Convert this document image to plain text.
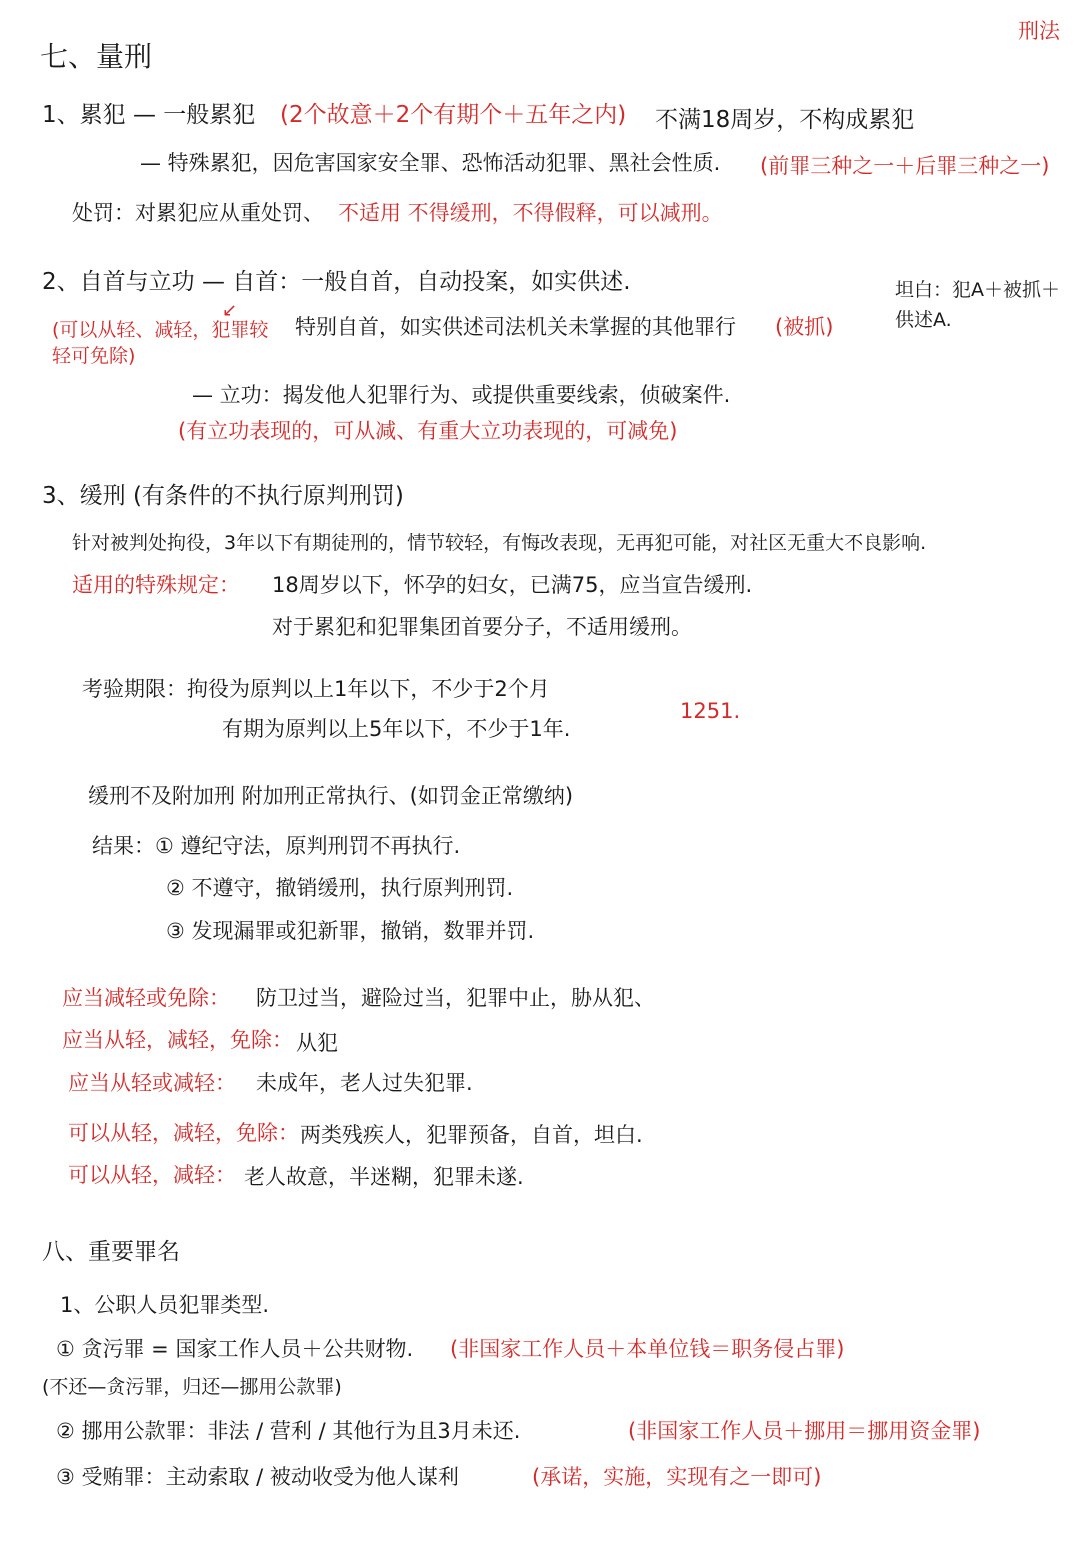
刑法
七、量刑
1、累犯 — 一般累犯 (2个故意＋2个有期个＋五年之内) 不满18周岁，不构成累犯
— 特殊累犯，因危害国家安全罪、恐怖活动犯罪、黑社会性质. (前罪三种之一＋后罪三种之一)
处罚：对累犯应从重处罚、 不适用 不得缓刑，不得假释，可以减刑。
2、自首与立功 — 自首：一般自首，自动投案，如实供述.	坦白：犯A＋被抓＋供述A.
↙
(可以从轻、减轻，犯罪较轻可免除)
特别自首，如实供述司法机关未掌握的其他罪行 (被抓)
— 立功：揭发他人犯罪行为、或提供重要线索，侦破案件.
(有立功表现的，可从减、有重大立功表现的，可减免)
3、缓刑 (有条件的不执行原判刑罚)
针对被判处拘役，3年以下有期徒刑的，情节较轻，有悔改表现，无再犯可能，对社区无重大不良影响.
适用的特殊规定： 18周岁以下，怀孕的妇女，已满75，应当宣告缓刑.
对于累犯和犯罪集团首要分子，不适用缓刑。
考验期限：拘役为原判以上1年以下，不少于2个月
有期为原判以上5年以下，不少于1年.
1251.
缓刑不及附加刑 附加刑正常执行、(如罚金正常缴纳)
结果：① 遵纪守法，原判刑罚不再执行.
② 不遵守，撤销缓刑，执行原判刑罚.
③ 发现漏罪或犯新罪，撤销，数罪并罚.
应当减轻或免除： 防卫过当，避险过当，犯罪中止，胁从犯、
应当从轻，减轻，免除： 从犯
应当从轻或减轻： 未成年，老人过失犯罪.
可以从轻，减轻，免除： 两类残疾人，犯罪预备，自首，坦白.
可以从轻，减轻： 老人故意，半迷糊，犯罪未遂.
八、重要罪名
1、公职人员犯罪类型.
① 贪污罪 = 国家工作人员＋公共财物. (非国家工作人员＋本单位钱＝职务侵占罪)
(不还—贪污罪，归还—挪用公款罪)
② 挪用公款罪：非法 / 营利 / 其他行为且3月未还.	(非国家工作人员＋挪用＝挪用资金罪)
③ 受贿罪：主动索取 / 被动收受为他人谋利	(承诺，实施，实现有之一即可)
